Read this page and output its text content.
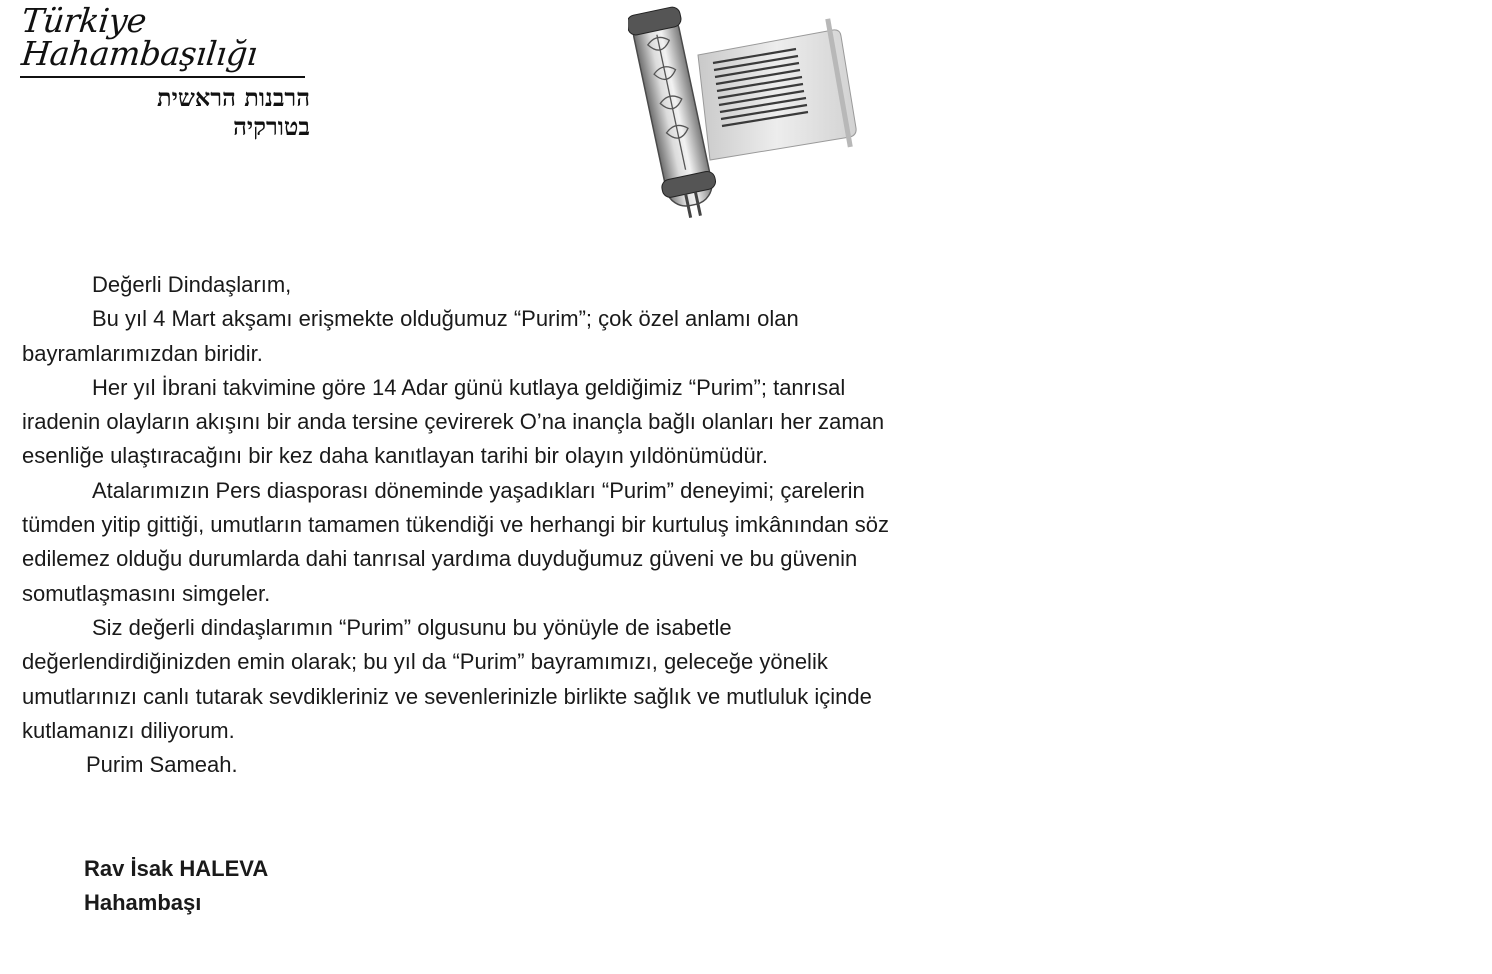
Türkiye
Hahambaşılığı
הרבנות הראשית
בטורקיה

Değerli Dindaşlarım,

Bu yıl 4 Mart akşamı erişmekte olduğumuz “Purim”; çok özel anlamı olan bayramlarımızdan biridir.

Her yıl İbrani takvimine göre 14 Adar günü kutlaya geldiğimiz “Purim”; tanrısal iradenin olayların akışını bir anda tersine çevirerek O’na inançla bağlı olanları her zaman esenliğe ulaştıracağını bir kez daha kanıtlayan tarihi bir olayın yıldönümüdür.

Atalarımızın Pers diasporası döneminde yaşadıkları “Purim” deneyimi; çarelerin tümden yitip gittiği, umutların tamamen tükendiği ve herhangi bir kurtuluş imkânından söz edilemez olduğu durumlarda dahi tanrısal yardıma duyduğumuz güveni ve bu güvenin somutlaşmasını simgeler.

Siz değerli dindaşlarımın “Purim” olgusunu bu yönüyle de isabetle değerlendirdiğinizden emin olarak; bu yıl da “Purim” bayramımızı, geleceğe yönelik umutlarınızı canlı tutarak sevdikleriniz ve sevenlerinizle birlikte sağlık ve mutluluk içinde kutlamanızı diliyorum.

Purim Sameah.

Rav İsak HALEVA
Hahambaşı
